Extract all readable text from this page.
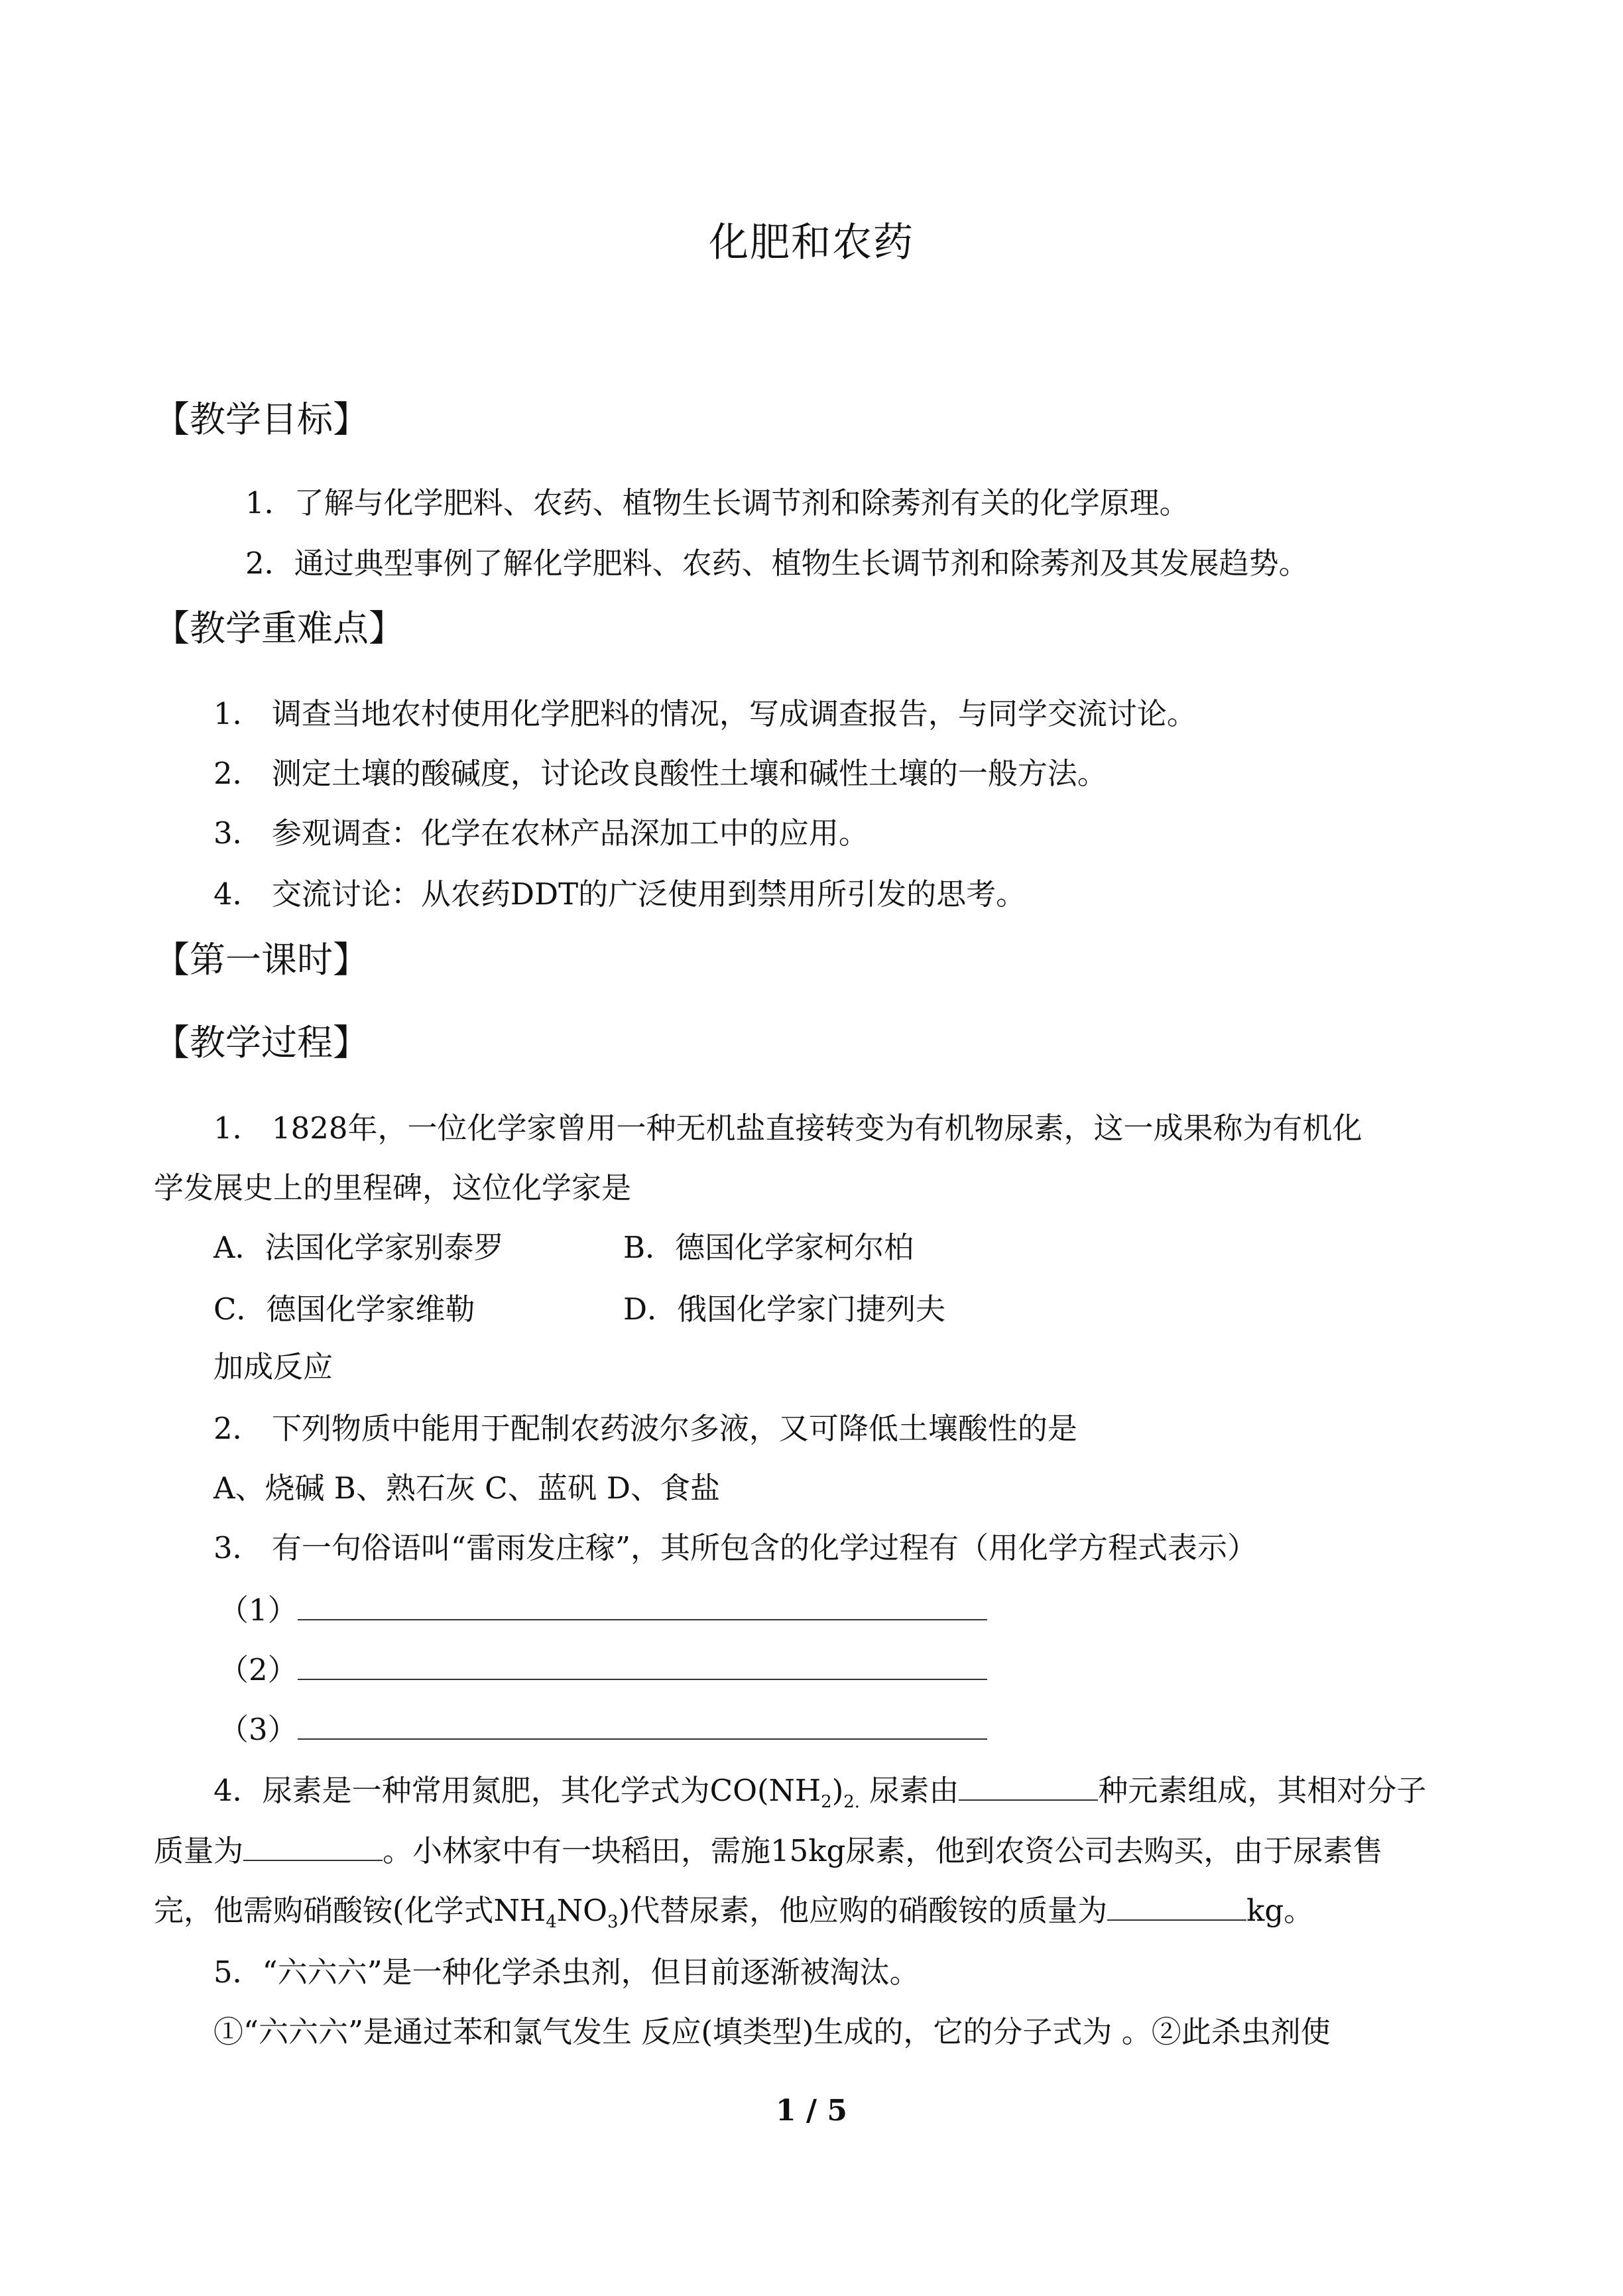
化肥和农药
【教学目标】
1．了解与化学肥料、农药、植物生长调节剂和除莠剂有关的化学原理。
2．通过典型事例了解化学肥料、农药、植物生长调节剂和除莠剂及其发展趋势。
【教学重难点】
1． 调查当地农村使用化学肥料的情况，写成调查报告，与同学交流讨论。
2． 测定土壤的酸碱度，讨论改良酸性土壤和碱性土壤的一般方法。
3． 参观调查：化学在农林产品深加工中的应用。
4． 交流讨论：从农药DDT的广泛使用到禁用所引发的思考。
【第一课时】
【教学过程】
1． 1828年，一位化学家曾用一种无机盐直接转变为有机物尿素，这一成果称为有机化
学发展史上的里程碑，这位化学家是
A．法国化学家别泰罗	B．德国化学家柯尔柏
C．德国化学家维勒	D．俄国化学家门捷列夫
加成反应
2． 下列物质中能用于配制农药波尔多液，又可降低土壤酸性的是
A、烧碱 B、熟石灰 C、蓝矾 D、食盐
3． 有一句俗语叫“雷雨发庄稼”，其所包含的化学过程有（用化学方程式表示）
（1）
（2）
（3）
4．尿素是一种常用氮肥，其化学式为$CO(NH_2)_{2.}$ 尿素由	种元素组成，其相对分子
质量为	。小林家中有一块稻田，需施15kg尿素，他到农资公司去购买，由于尿素售
完，他需购硝酸铵(化学式$NH_4NO_3$)代替尿素，他应购的硝酸铵的质量为	kg。
5．“六六六”是一种化学杀虫剂，但目前逐渐被淘汰。
①“六六六”是通过苯和氯气发生 反应(填类型)生成的，它的分子式为 。②此杀虫剂使
1 / 5
